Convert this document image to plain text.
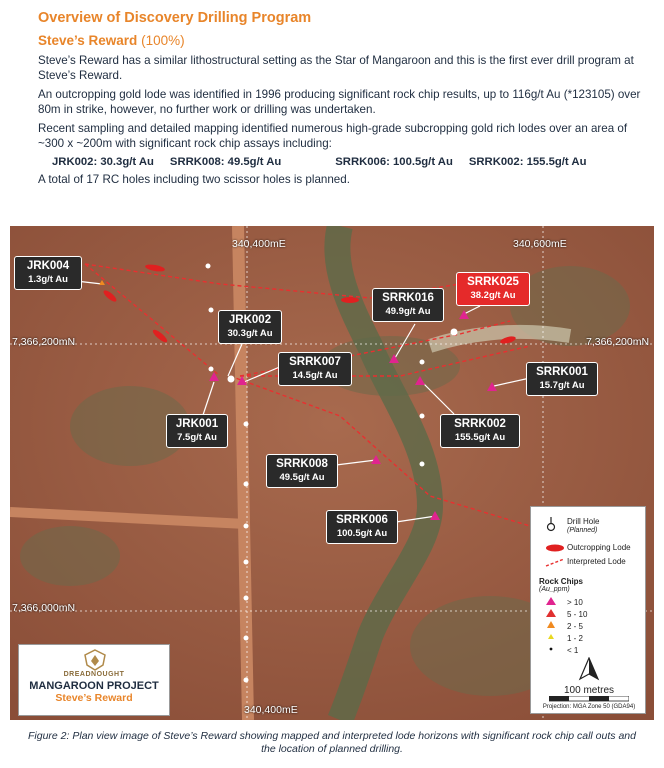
Overview of Discovery Drilling Program
Steve’s Reward (100%)

Steve’s Reward has a similar lithostructural setting as the Star of Mangaroon and this is the first ever drill program at Steve’s Reward.

An outcropping gold lode was identified in 1996 producing significant rock chip results, up to 116g/t Au (*123105) over 80m in strike, however, no further work or drilling was undertaken.

Recent sampling and detailed mapping identified numerous high-grade subcropping gold rich lodes over an area of ~300 x ~200m with significant rock chip assays including:

JRK002: 30.3g/t Au SRRK008: 49.5g/t Au	SRRK006: 100.5g/t Au SRRK002: 155.5g/t Au

A total of 17 RC holes including two scissor holes is planned.

340,400mE	340,600mE
7,366,200mN	7,366,200mN
7,366,000mN
340,400mE
JRK004
1.3g/t Au
JRK002
30.3g/t Au
SRRK016
49.9g/t Au
SRRK025
38.2g/t Au
SRRK007
14.5g/t Au	SRRK001
15.7g/t Au
JRK001
7.5g/t Au
SRRK002
155.5g/t Au
SRRK008
49.5g/t Au
SRRK006
100.5g/t Au
Drill Hole
(Planned)
Outcropping Lode
Interpreted Lode
Rock Chips
(Au_ppm)
> 10
5 - 10
2 - 5
1 - 2
< 1
100 metres
Projection: MGA Zone 50 (GDA94)
DREADNOUGHT
MANGAROON PROJECT
Steve’s Reward
Figure 2: Plan view image of Steve’s Reward showing mapped and interpreted lode horizons with significant rock chip call outs and the location of planned drilling.
